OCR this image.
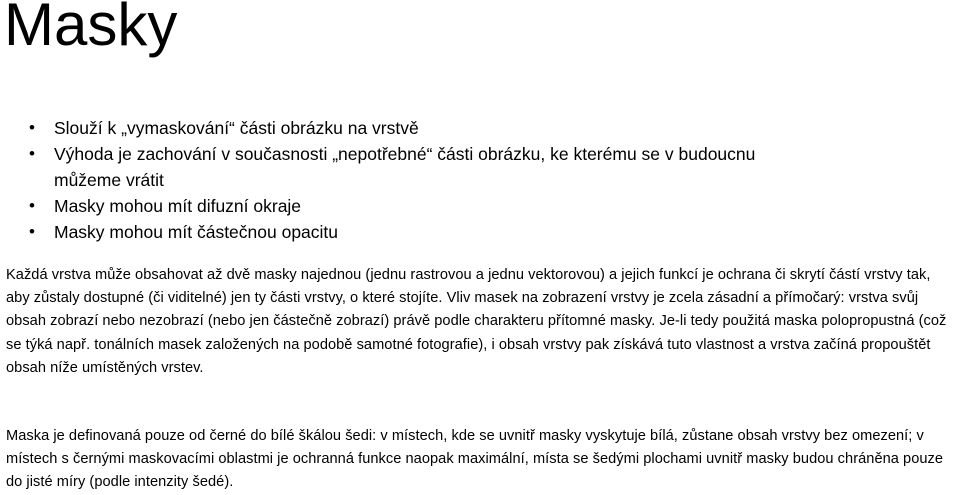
Masky
• Slouží k „vymaskování“ části obrázku na vrstvě
• Výhoda je zachování v současnosti „nepotřebné“ části obrázku, ke kterému se v budoucnu můžeme vrátit
• Masky mohou mít difuzní okraje
• Masky mohou mít částečnou opacitu

Každá vrstva může obsahovat až dvě masky najednou (jednu rastrovou a jednu vektorovou) a jejich funkcí je ochrana či skrytí částí vrstvy tak, aby zůstaly dostupné (či viditelné) jen ty části vrstvy, o které stojíte. Vliv masek na zobrazení vrstvy je zcela zásadní a přímočarý: vrstva svůj obsah zobrazí nebo nezobrazí (nebo jen částečně zobrazí) právě podle charakteru přítomné masky. Je-li tedy použitá maska polopropustná (což se týká např. tonálních masek založených na podobě samotné fotografie), i obsah vrstvy pak získává tuto vlastnost a vrstva začíná propouštět obsah níže umístěných vrstev.

Maska je definovaná pouze od černé do bílé škálou šedi: v místech, kde se uvnitř masky vyskytuje bílá, zůstane obsah vrstvy bez omezení; v místech s černými maskovacími oblastmi je ochranná funkce naopak maximální, místa se šedými plochami uvnitř masky budou chráněna pouze do jisté míry (podle intenzity šedé).
